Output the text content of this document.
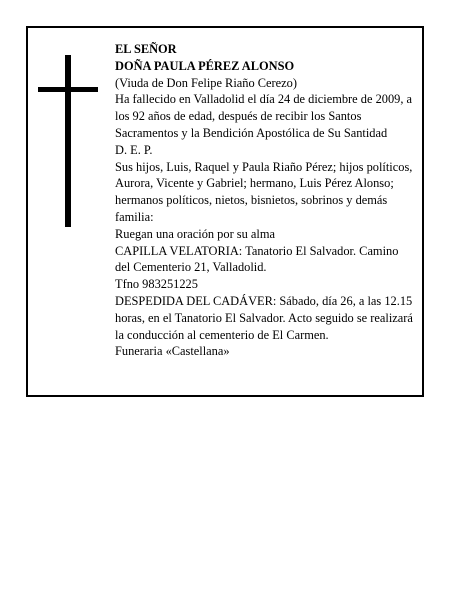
EL SEÑOR
DOÑA PAULA PÉREZ ALONSO
(Viuda de Don Felipe Riaño Cerezo)
Ha fallecido en Valladolid el día 24 de diciembre de 2009, a los 92 años de edad, después de recibir los Santos Sacramentos y la Bendición Apostólica de Su Santidad
D. E. P.
Sus hijos, Luis, Raquel y Paula Riaño Pérez; hijos políticos, Aurora, Vicente y Gabriel; hermano, Luis Pérez Alonso; hermanos políticos, nietos, bisnietos, sobrinos y demás familia:
Ruegan una oración por su alma
CAPILLA VELATORIA: Tanatorio El Salvador. Camino del Cementerio 21, Valladolid.
Tfno 983251225
DESPEDIDA DEL CADÁVER: Sábado, día 26, a las 12.15 horas, en el Tanatorio El Salvador. Acto seguido se realizará la conducción al cementerio de El Carmen.
Funeraria «Castellana»
